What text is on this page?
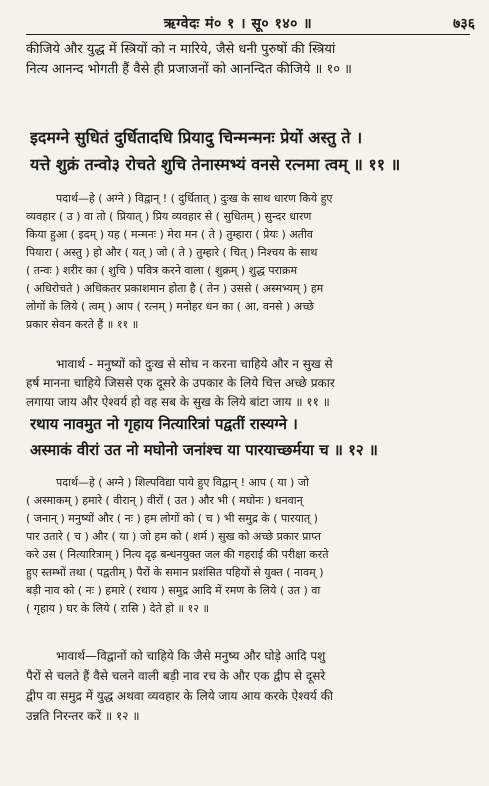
ऋग्वेदः मं० १ । सू० १४० ॥	७३६
कीजिये और युद्ध में स्त्रियों को न मारिये, जैसे धनी पुरुषों की स्त्रियां
नित्य आनन्द भोगती हैं वैसे ही प्रजाजनों को आनन्दित कीजिये ॥ १० ॥
इदमग्ने सुधितं दुर्धितादधि प्रियादु चिन्मन्मनः प्रेयों अस्तु ते ।
यत्ते शुक्रं तन्वो३ रोचते शुचि तेनास्मभ्यं वनसे रत्नमा त्वम् ॥ ११ ॥
पदार्थ—हे ( अग्ने ) विद्वान् ! ( दुर्धितात् ) दुःख के साथ धारण किये हुए
व्यवहार ( उ ) वा तो ( प्रियात् ) प्रिय व्यवहार से ( सुधितम् ) सुन्दर धारण
किया हुआ ( इदम् ) यह ( मन्मनः ) मेरा मन ( ते ) तुम्हारा ( प्रेयः ) अतीव
पियारा ( अस्तु ) हो और ( यत् ) जो ( ते ) तुम्हारे ( चित् ) निश्चय के साथ
( तन्वः ) शरीर का ( शुचि ) पवित्र करने वाला ( शुक्रम् ) शुद्ध पराक्रम
( अधिरोचते ) अधिकतर प्रकाशमान होता है ( तेन ) उससे ( अस्मभ्यम् ) हम
लोगों के लिये ( त्वम् ) आप ( रत्नम् ) मनोहर धन का ( आ, वनसे ) अच्छे
प्रकार सेवन करते हैं ॥ ११ ॥
भावार्थ - मनुष्यों को दुःख से सोच न करना चाहिये और न सुख से
हर्ष मानना चाहिये जिससे एक दूसरे के उपकार के लिये चित्त अच्छे प्रकार
लगाया जाय और ऐश्वर्य हो वह सब के सुख के लिये बांटा जाय ॥ ११ ॥
रथाय नावमुत नो गृहाय नित्यारित्रां पद्वतीं रास्यग्ने ।
अस्माकं वीरां उत नो मघोनो जनांश्च या पारयाच्छर्मया च ॥ १२ ॥
पदार्थ—हे ( अग्ने ) शिल्पविद्या पाये हुए विद्वान् ! आप ( या ) जो
( अस्माकम् ) हमारे ( वीरान् ) वीरों ( उत ) और भी ( मघोनः ) धनवान्
( जनान् ) मनुष्यों और ( नः ) हम लोगों को ( च ) भी समुद्र के ( पारयात् )
पार उतारे ( च ) और ( या ) जो हम को ( शर्म ) सुख को अच्छे प्रकार प्राप्त
करे उस ( नित्यारित्राम् ) नित्य दृढ़ बन्धनयुक्त जल की गहराई की परीक्षा करते
हुए स्तम्भों तथा ( पद्वतीम् ) पैरों के समान प्रशंसित पहियों से युक्त ( नावम् )
बड़ी नाव को ( नः ) हमारे ( रथाय ) समुद्र आदि में रमण के लिये ( उत ) वा
( गृहाय ) घर के लिये ( रासि ) देते हो ॥ १२ ॥
भावार्थ—विद्वानों को चाहिये कि जैसे मनुष्य और घोड़े आदि पशु
पैरों से चलते हैं वैसे चलने वाली बड़ी नाव रच के और एक द्वीप से दूसरे
द्वीप वा समुद्र में युद्ध अथवा व्यवहार के लिये जाय आय करके ऐश्वर्य की
उन्नति निरन्तर करें ॥ १२ ॥
